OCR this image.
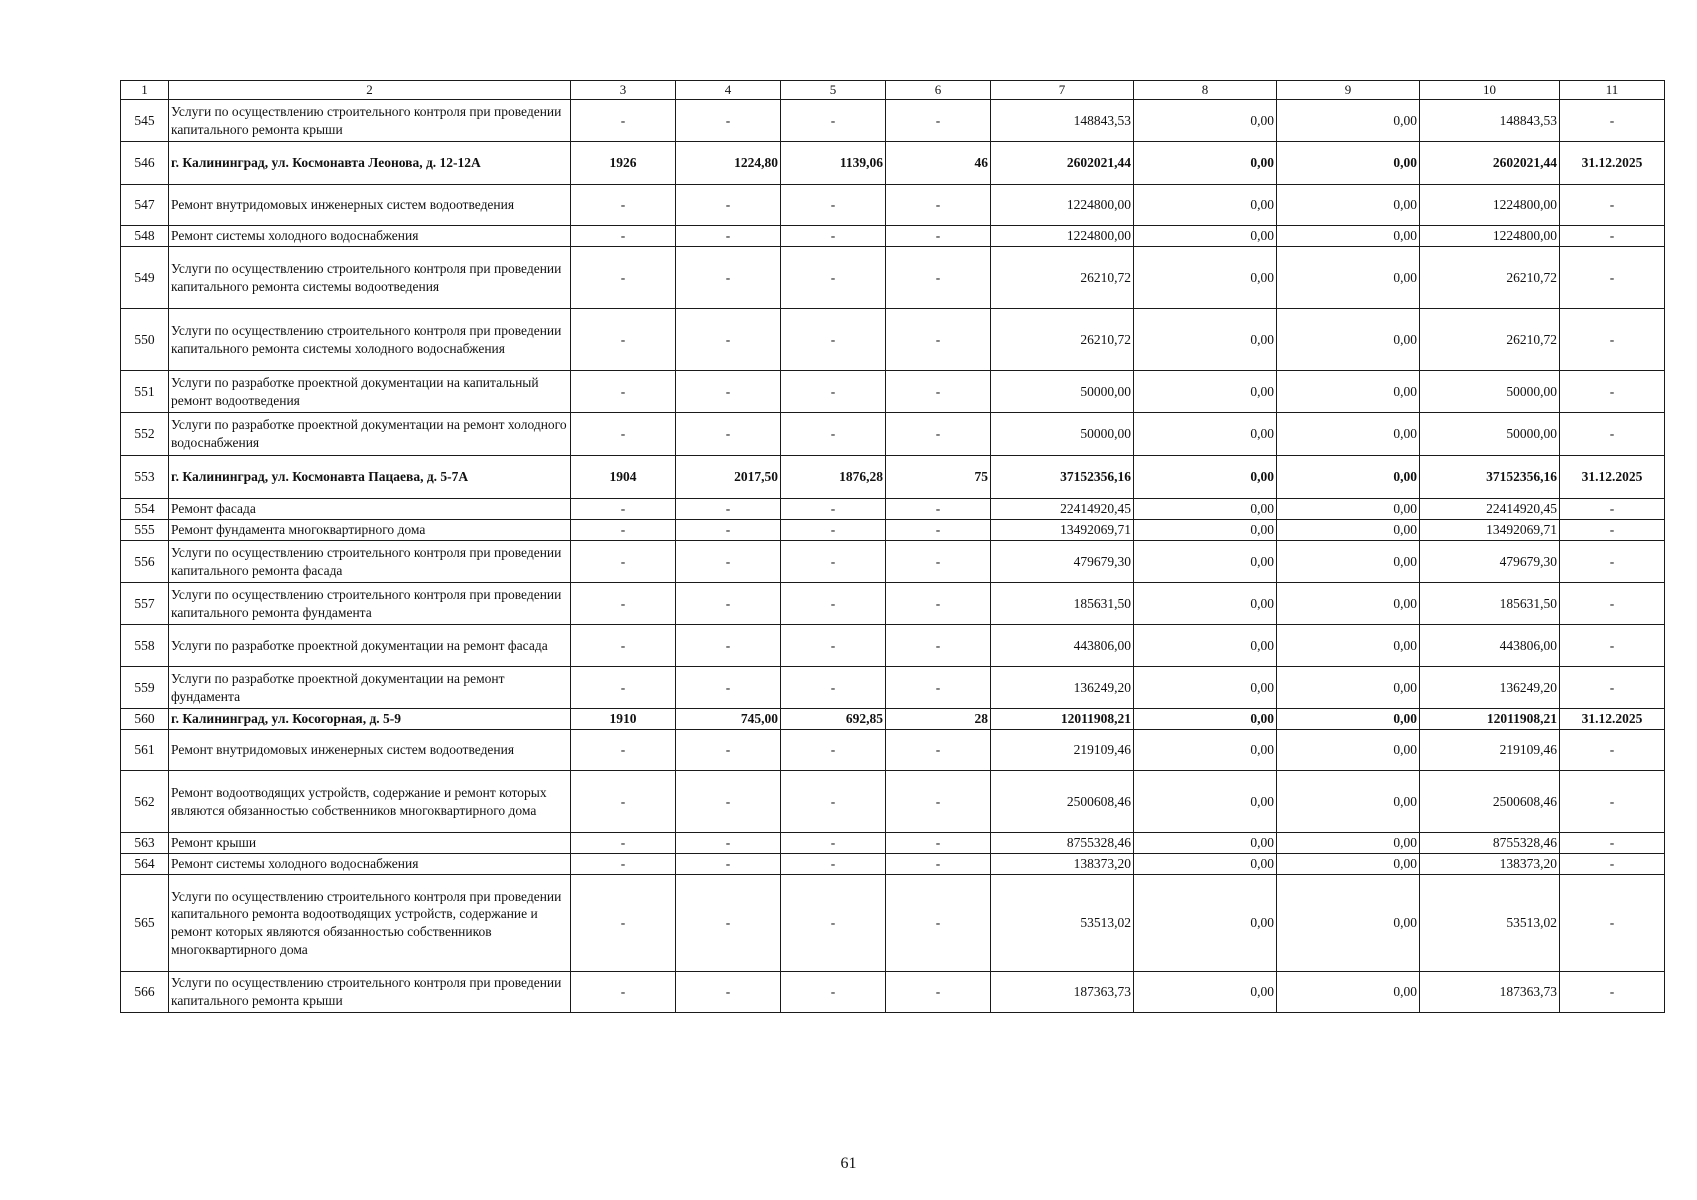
1	2	3	4	5	6	7	8	9	10	11
545	Услуги по осуществлению строительного контроля при проведении капитального ремонта крыши	-	-	-	-	148843,53	0,00	0,00	148843,53	-
546	г. Калининград, ул. Космонавта Леонова, д. 12-12А	1926	1224,80	1139,06	46	2602021,44	0,00	0,00	2602021,44	31.12.2025
547	Ремонт внутридомовых инженерных систем водоотведения	-	-	-	-	1224800,00	0,00	0,00	1224800,00	-
548	Ремонт системы холодного водоснабжения	-	-	-	-	1224800,00	0,00	0,00	1224800,00	-
549	Услуги по осуществлению строительного контроля при проведении капитального ремонта системы водоотведения	-	-	-	-	26210,72	0,00	0,00	26210,72	-
550	Услуги по осуществлению строительного контроля при проведении капитального ремонта системы холодного водоснабжения	-	-	-	-	26210,72	0,00	0,00	26210,72	-
551	Услуги по разработке проектной документации на капитальный ремонт водоотведения	-	-	-	-	50000,00	0,00	0,00	50000,00	-
552	Услуги по разработке проектной документации на ремонт холодного водоснабжения	-	-	-	-	50000,00	0,00	0,00	50000,00	-
553	г. Калининград, ул. Космонавта Пацаева, д. 5-7А	1904	2017,50	1876,28	75	37152356,16	0,00	0,00	37152356,16	31.12.2025
554	Ремонт фасада	-	-	-	-	22414920,45	0,00	0,00	22414920,45	-
555	Ремонт фундамента многоквартирного дома	-	-	-	-	13492069,71	0,00	0,00	13492069,71	-
556	Услуги по осуществлению строительного контроля при проведении капитального ремонта фасада	-	-	-	-	479679,30	0,00	0,00	479679,30	-
557	Услуги по осуществлению строительного контроля при проведении капитального ремонта фундамента	-	-	-	-	185631,50	0,00	0,00	185631,50	-
558	Услуги по разработке проектной документации на ремонт фасада	-	-	-	-	443806,00	0,00	0,00	443806,00	-
559	Услуги по разработке проектной документации на ремонт фундамента	-	-	-	-	136249,20	0,00	0,00	136249,20	-
560	г. Калининград, ул. Косогорная, д. 5-9	1910	745,00	692,85	28	12011908,21	0,00	0,00	12011908,21	31.12.2025
561	Ремонт внутридомовых инженерных систем водоотведения	-	-	-	-	219109,46	0,00	0,00	219109,46	-
562	Ремонт водоотводящих устройств, содержание и ремонт которых являются обязанностью собственников многоквартирного дома	-	-	-	-	2500608,46	0,00	0,00	2500608,46	-
563	Ремонт крыши	-	-	-	-	8755328,46	0,00	0,00	8755328,46	-
564	Ремонт системы холодного водоснабжения	-	-	-	-	138373,20	0,00	0,00	138373,20	-
565	Услуги по осуществлению строительного контроля при проведении капитального ремонта водоотводящих устройств, содержание и ремонт которых являются обязанностью собственников многоквартирного дома	-	-	-	-	53513,02	0,00	0,00	53513,02	-
566	Услуги по осуществлению строительного контроля при проведении капитального ремонта крыши	-	-	-	-	187363,73	0,00	0,00	187363,73	-
61
